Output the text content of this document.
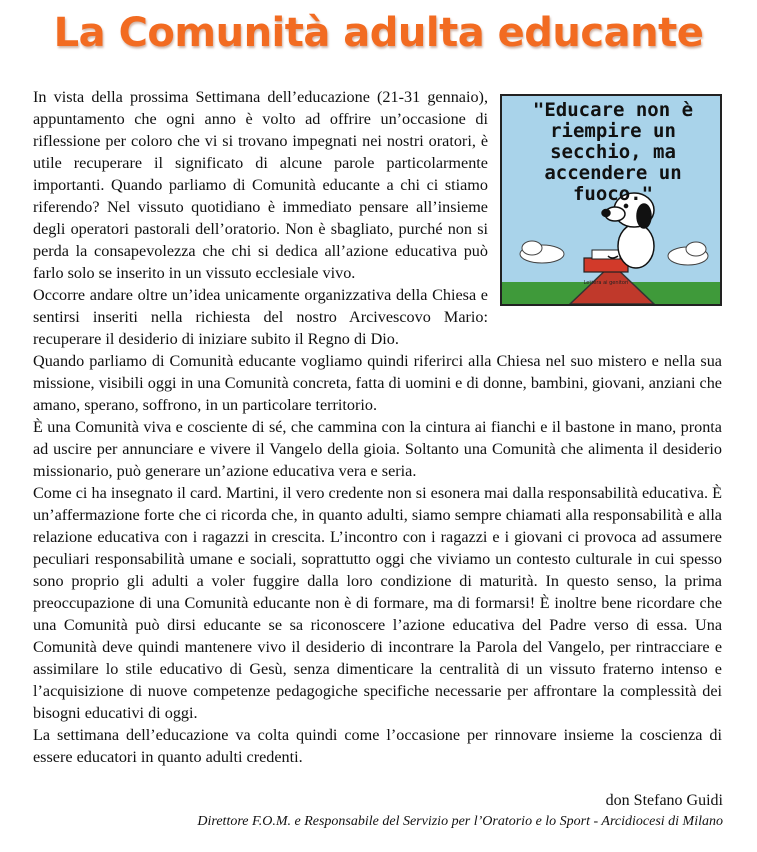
La Comunità adulta educante
Lettera ai genitori
"Educare non è riempire un secchio, ma accendere un fuoco."

In vista della prossima Settimana dell’educazione (21-31 gennaio), appuntamento che ogni anno è volto ad offrire un’occasione di riflessione per coloro che vi si trovano impegnati nei nostri oratori, è utile recuperare il significato di alcune parole particolarmente importanti. Quando parliamo di Comunità educante a chi ci stiamo riferendo? Nel vissuto quotidiano è immediato pensare all’insieme degli operatori pastorali dell’oratorio. Non è sbagliato, purché non si perda la consapevolezza che chi si dedica all’azione educativa può farlo solo se inserito in un vissuto ecclesiale vivo.

Occorre andare oltre un’idea unicamente organizzativa della Chiesa e sentirsi inseriti nella richiesta del nostro Arcivescovo Mario: recuperare il desiderio di iniziare subito il Regno di Dio.

Quando parliamo di Comunità educante vogliamo quindi riferirci alla Chiesa nel suo mistero e nella sua missione, visibili oggi in una Comunità concreta, fatta di uomini e di donne, bambini, giovani, anziani che amano, sperano, soffrono, in un particolare territorio.

È una Comunità viva e cosciente di sé, che cammina con la cintura ai fianchi e il bastone in mano, pronta ad uscire per annunciare e vivere il Vangelo della gioia. Soltanto una Comunità che alimenta il desiderio missionario, può generare un’azione educativa vera e seria.

Come ci ha insegnato il card. Martini, il vero credente non si esonera mai dalla responsabilità educativa. È un’affermazione forte che ci ricorda che, in quanto adulti, siamo sempre chiamati alla responsabilità e alla relazione educativa con i ragazzi in crescita. L’incontro con i ragazzi e i giovani ci provoca ad assumere peculiari responsabilità umane e sociali, soprattutto oggi che viviamo un contesto culturale in cui spesso sono proprio gli adulti a voler fuggire dalla loro condizione di maturità. In questo senso, la prima preoccupazione di una Comunità educante non è di formare, ma di formarsi! È inoltre bene ricordare che una Comunità può dirsi educante se sa riconoscere l’azione educativa del Padre verso di essa. Una Comunità deve quindi mantenere vivo il desiderio di incontrare la Parola del Vangelo, per rintracciare e assimilare lo stile educativo di Gesù, senza dimenticare la centralità di un vissuto fraterno intenso e l’acquisizione di nuove competenze pedagogiche specifiche necessarie per affrontare la complessità dei bisogni educativi di oggi.

La settimana dell’educazione va colta quindi come l’occasione per rinnovare insieme la coscienza di essere educatori in quanto adulti credenti.

don Stefano Guidi
Direttore F.O.M. e Responsabile del Servizio per l’Oratorio e lo Sport - Arcidiocesi di Milano
